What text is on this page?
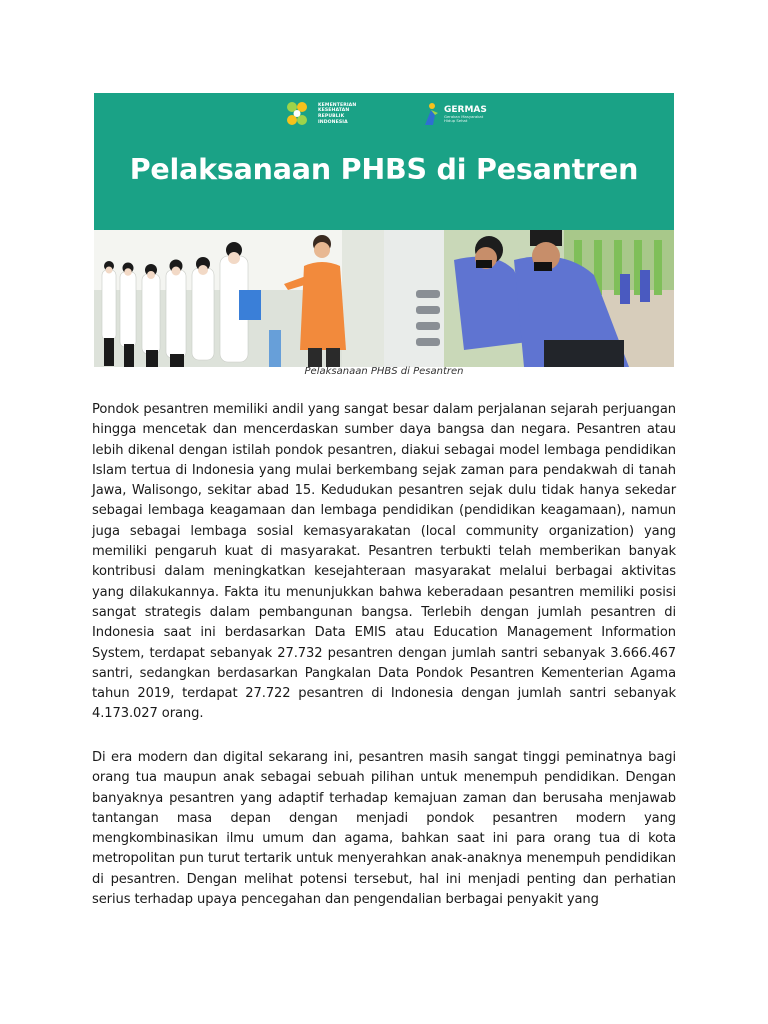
KEMENTERIAN
KESEHATAN
REPUBLIK
INDONESIA
GERMAS
Gerakan Masyarakat
Hidup Sehat
Pelaksanaan PHBS di Pesantren
Pelaksanaan PHBS di Pesantren

Pondok pesantren memiliki andil yang sangat besar dalam perjalanan sejarah perjuangan hingga mencetak dan mencerdaskan sumber daya bangsa dan negara. Pesantren atau lebih dikenal dengan istilah pondok pesantren, diakui sebagai model lembaga pendidikan Islam tertua di Indonesia yang mulai berkembang sejak zaman para pendakwah di tanah Jawa, Walisongo, sekitar abad 15. Kedudukan pesantren sejak dulu tidak hanya sekedar sebagai lembaga keagamaan dan lembaga pendidikan (pendidikan keagamaan), namun juga sebagai lembaga sosial kemasyarakatan (local community organization) yang memiliki pengaruh kuat di masyarakat. Pesantren terbukti telah memberikan banyak kontribusi dalam meningkatkan kesejahteraan masyarakat melalui berbagai aktivitas yang dilakukannya. Fakta itu menunjukkan bahwa keberadaan pesantren memiliki posisi sangat strategis dalam pembangunan bangsa. Terlebih dengan jumlah pesantren di Indonesia saat ini berdasarkan Data EMIS atau Education Management Information System, terdapat sebanyak 27.732 pesantren dengan jumlah santri sebanyak 3.666.467 santri, sedangkan berdasarkan Pangkalan Data Pondok Pesantren Kementerian Agama tahun 2019, terdapat 27.722 pesantren di Indonesia dengan jumlah santri sebanyak 4.173.027 orang.

Di era modern dan digital sekarang ini, pesantren masih sangat tinggi peminatnya bagi orang tua maupun anak sebagai sebuah pilihan untuk menempuh pendidikan. Dengan banyaknya pesantren yang adaptif terhadap kemajuan zaman dan berusaha menjawab tantangan masa depan dengan menjadi pondok pesantren modern yang mengkombinasikan ilmu umum dan agama, bahkan saat ini para orang tua di kota metropolitan pun turut tertarik untuk menyerahkan anak-anaknya menempuh pendidikan di pesantren. Dengan melihat potensi tersebut, hal ini menjadi penting dan perhatian serius terhadap upaya pencegahan dan pengendalian berbagai penyakit yang
